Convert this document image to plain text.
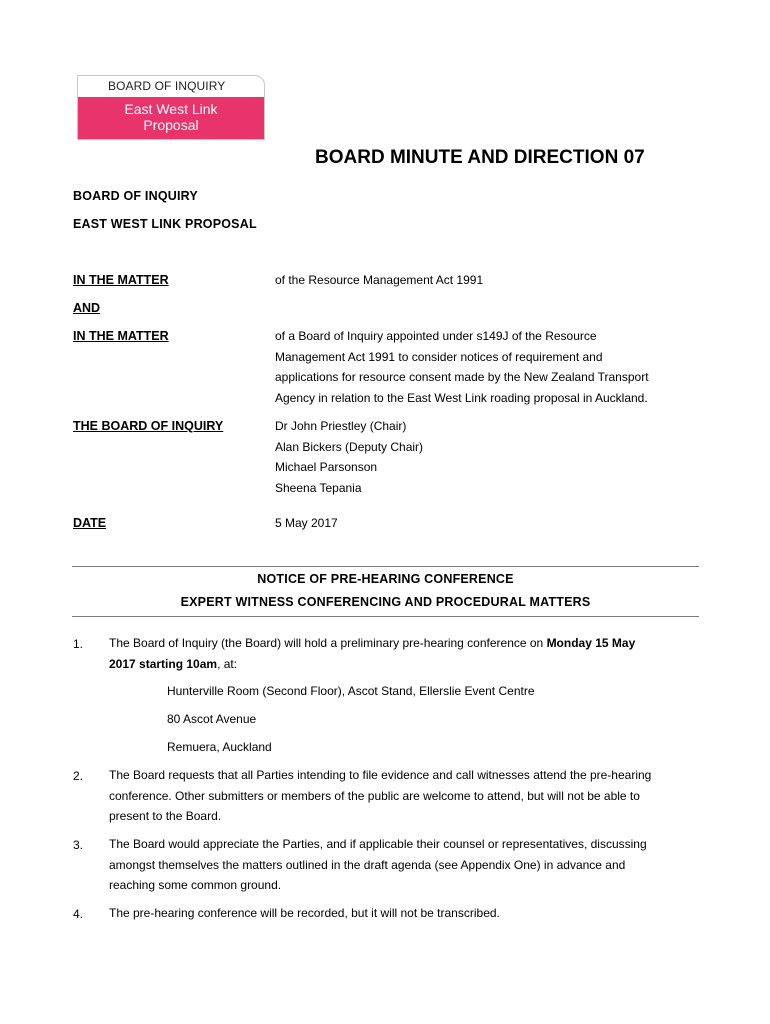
BOARD OF INQUIRY
East West Link
Proposal
BOARD MINUTE AND DIRECTION 07
BOARD OF INQUIRY
EAST WEST LINK PROPOSAL
IN THE MATTER	of the Resource Management Act 1991
AND
IN THE MATTER	of a Board of Inquiry appointed under s149J of the Resource
Management Act 1991 to consider notices of requirement and
applications for resource consent made by the New Zealand Transport
Agency in relation to the East West Link roading proposal in Auckland.
THE BOARD OF INQUIRY	Dr John Priestley (Chair)
Alan Bickers (Deputy Chair)
Michael Parsonson
Sheena Tepania
DATE	5 May 2017
NOTICE OF PRE-HEARING CONFERENCE
EXPERT WITNESS CONFERENCING AND PROCEDURAL MATTERS
1. The Board of Inquiry (the Board) will hold a preliminary pre-hearing conference on Monday 15 May
2017 starting 10am, at:
Hunterville Room (Second Floor), Ascot Stand, Ellerslie Event Centre
80 Ascot Avenue
Remuera, Auckland
2. The Board requests that all Parties intending to file evidence and call witnesses attend the pre-hearing
conference. Other submitters or members of the public are welcome to attend, but will not be able to
present to the Board.
3. The Board would appreciate the Parties, and if applicable their counsel or representatives, discussing
amongst themselves the matters outlined in the draft agenda (see Appendix One) in advance and
reaching some common ground.
4. The pre-hearing conference will be recorded, but it will not be transcribed.
